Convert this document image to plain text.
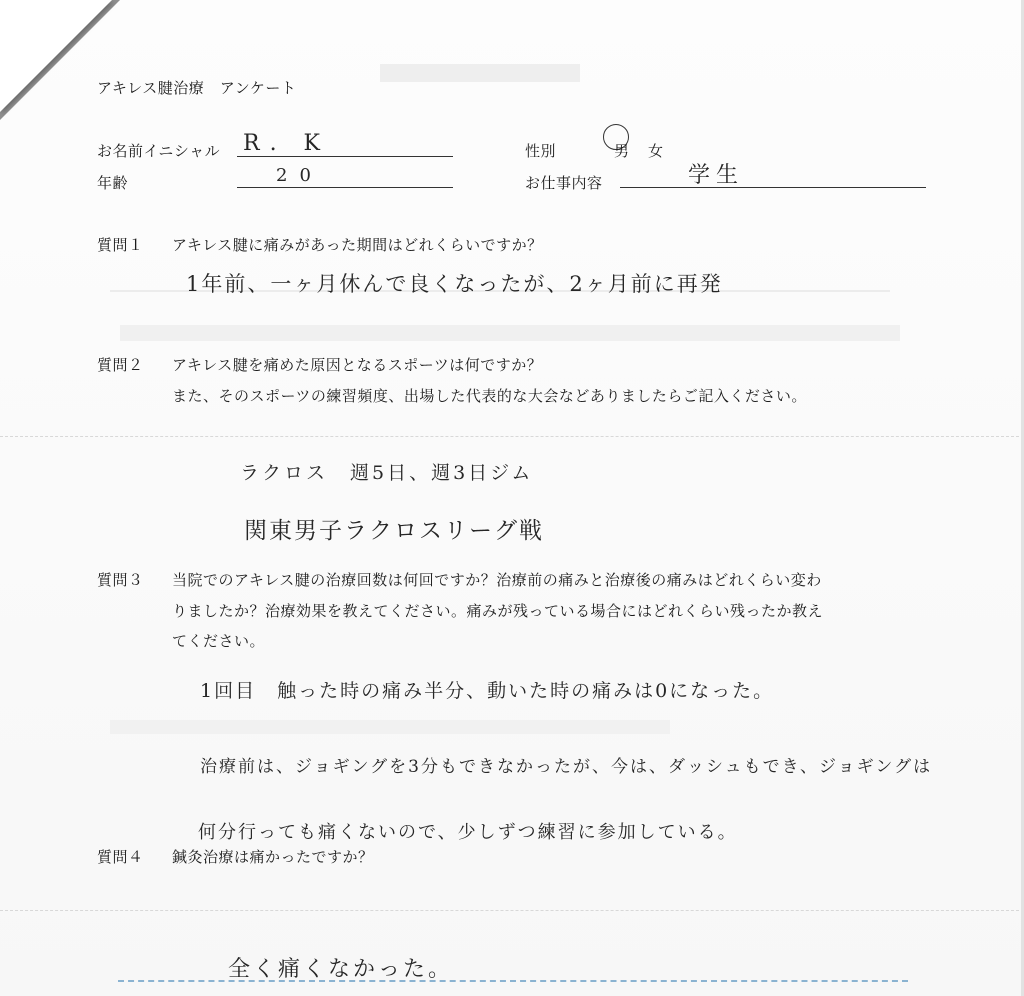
アキレス腱治療　アンケート
お名前イニシャル R. K	性別	男 女
年齢	20	お仕事内容	学生
質問１ アキレス腱に痛みがあった期間はどれくらいですか？
1年前、一ヶ月休んで良くなったが、2ヶ月前に再発
質問２ アキレス腱を痛めた原因となるスポーツは何ですか？
また、そのスポーツの練習頻度、出場した代表的な大会などありましたらご記入ください。
ラクロス　週5日、週3日ジム
関東男子ラクロスリーグ戦
質問３ 当院でのアキレス腱の治療回数は何回ですか？治療前の痛みと治療後の痛みはどれくらい変わ
りましたか？治療効果を教えてください。痛みが残っている場合にはどれくらい残ったか教え
てください。
1回目　触った時の痛み半分、動いた時の痛みは0になった。
治療前は、ジョギングを3分もできなかったが、今は、ダッシュもでき、ジョギングは
何分行っても痛くないので、少しずつ練習に参加している。
質問４ 鍼灸治療は痛かったですか？
全く痛くなかった。
